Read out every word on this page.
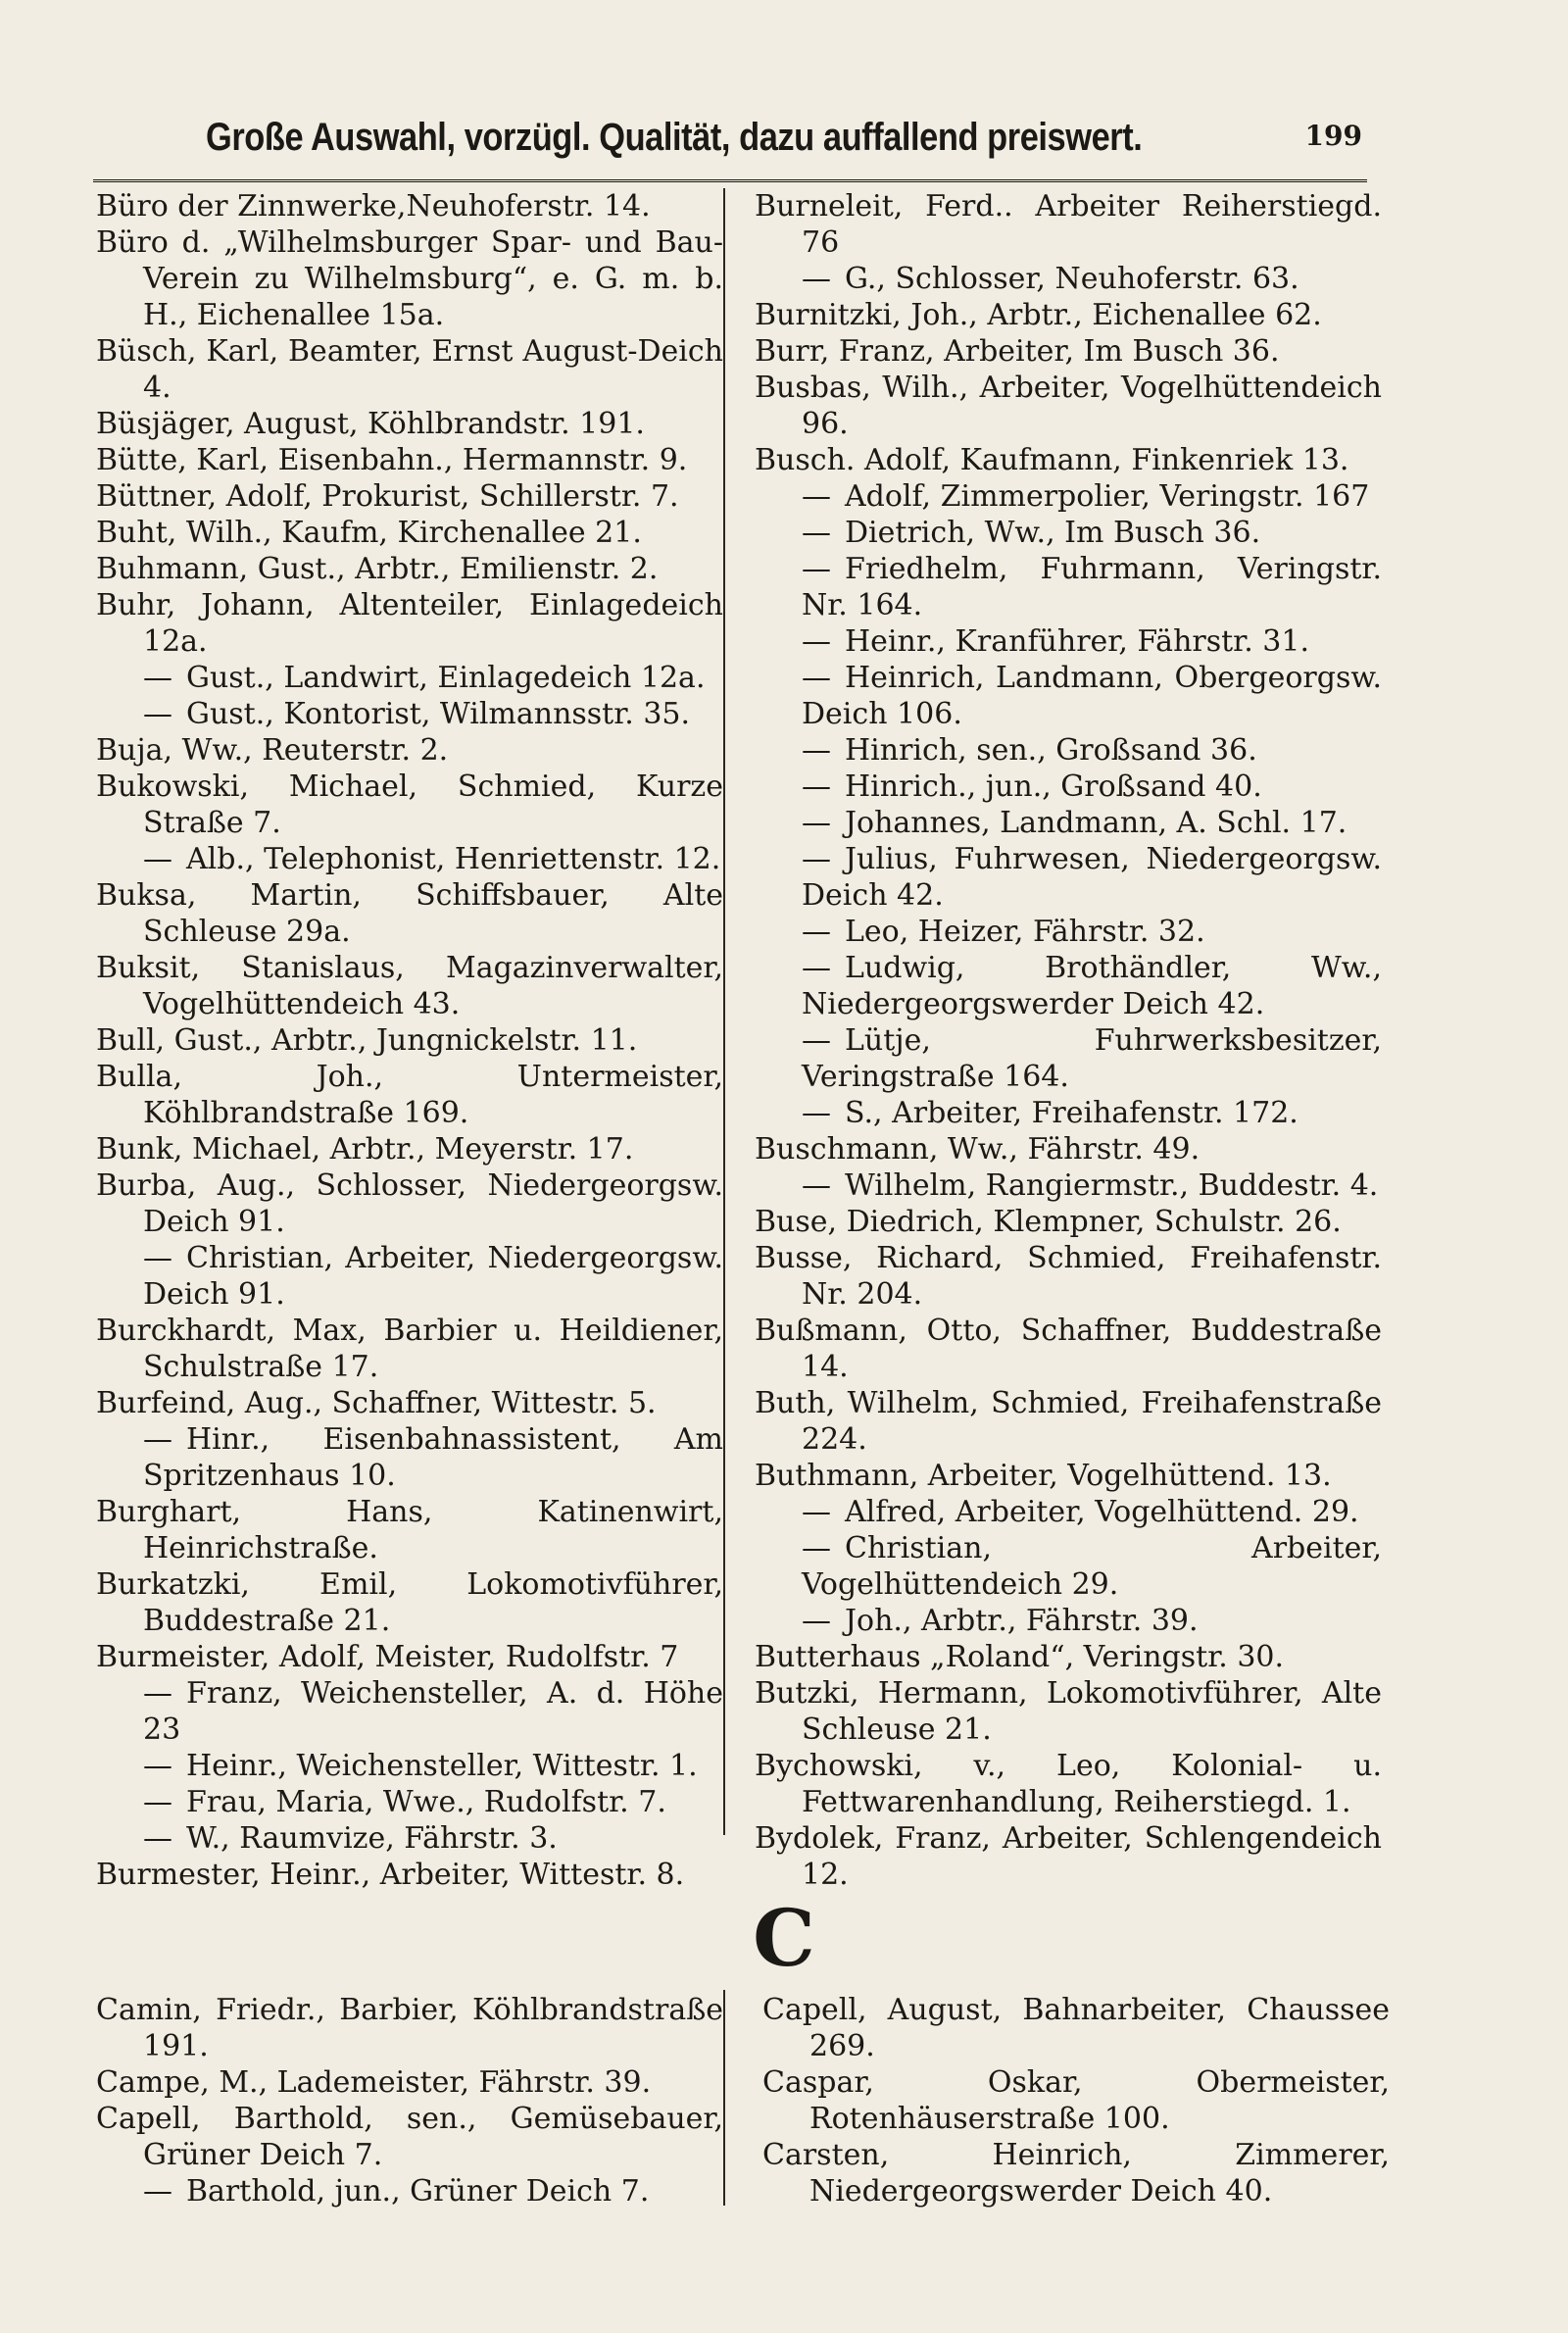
Große Auswahl, vorzügl. Qualität, dazu auffallend preiswert.	199

Büro der Zinnwerke,Neuhoferstr. 14.

Büro d. „Wilhelmsburger Spar- und Bau-Verein zu Wilhelmsburg“, e. G. m. b. H., Eichenallee 15a.

Büsch, Karl, Beamter, Ernst August-Deich 4.

Büsjäger, August, Köhlbrandstr. 191.

Bütte, Karl, Eisenbahn., Hermannstr. 9.

Büttner, Adolf, Prokurist, Schillerstr. 7.

Buht, Wilh., Kaufm, Kirchenallee 21.

Buhmann, Gust., Arbtr., Emilienstr. 2.

Buhr, Johann, Altenteiler, Einlagedeich 12a.

—Gust., Landwirt, Einlagedeich 12a.

—Gust., Kontorist, Wilmannsstr. 35.

Buja, Ww., Reuterstr. 2.

Bukowski, Michael, Schmied, Kurze Straße 7.

—Alb., Telephonist, Henriettenstr. 12.

Buksa, Martin, Schiffsbauer, Alte Schleuse 29a.

Buksit, Stanislaus, Magazinverwalter, Vogelhüttendeich 43.

Bull, Gust., Arbtr., Jungnickelstr. 11.

Bulla, Joh., Untermeister, Köhlbrandstraße 169.

Bunk, Michael, Arbtr., Meyerstr. 17.

Burba, Aug., Schlosser, Niedergeorgsw. Deich 91.

—Christian, Arbeiter, Niedergeorgsw. Deich 91.

Burckhardt, Max, Barbier u. Heildiener, Schulstraße 17.

Burfeind, Aug., Schaffner, Wittestr. 5.

—Hinr., Eisenbahnassistent, Am Spritzenhaus 10.

Burghart, Hans, Katinenwirt, Heinrichstraße.

Burkatzki, Emil, Lokomotivführer, Buddestraße 21.

Burmeister, Adolf, Meister, Rudolfstr. 7

—Franz, Weichensteller, A. d. Höhe 23

—Heinr., Weichensteller, Wittestr. 1.

—Frau, Maria, Wwe., Rudolfstr. 7.

—W., Raumvize, Fährstr. 3.

Burmester, Heinr., Arbeiter, Wittestr. 8.

Burneleit, Ferd.. Arbeiter Reiherstiegd. 76

—G., Schlosser, Neuhoferstr. 63.

Burnitzki, Joh., Arbtr., Eichenallee 62.

Burr, Franz, Arbeiter, Im Busch 36.

Busbas, Wilh., Arbeiter, Vogelhüttendeich 96.

Busch. Adolf, Kaufmann, Finkenriek 13.

—Adolf, Zimmerpolier, Veringstr. 167

—Dietrich, Ww., Im Busch 36.

—Friedhelm, Fuhrmann, Veringstr. Nr. 164.

—Heinr., Kranführer, Fährstr. 31.

—Heinrich, Landmann, Obergeorgsw. Deich 106.

—Hinrich, sen., Großsand 36.

—Hinrich., jun., Großsand 40.

—Johannes, Landmann, A. Schl. 17.

—Julius, Fuhrwesen, Niedergeorgsw. Deich 42.

—Leo, Heizer, Fährstr. 32.

—Ludwig, Brothändler, Ww., Niedergeorgswerder Deich 42.

—Lütje, Fuhrwerksbesitzer, Veringstraße 164.

—S., Arbeiter, Freihafenstr. 172.

Buschmann, Ww., Fährstr. 49.

—Wilhelm, Rangiermstr., Buddestr. 4.

Buse, Diedrich, Klempner, Schulstr. 26.

Busse, Richard, Schmied, Freihafenstr. Nr. 204.

Bußmann, Otto, Schaffner, Buddestraße 14.

Buth, Wilhelm, Schmied, Freihafenstraße 224.

Buthmann, Arbeiter, Vogelhüttend. 13.

—Alfred, Arbeiter, Vogelhüttend. 29.

—Christian, Arbeiter, Vogelhüttendeich 29.

—Joh., Arbtr., Fährstr. 39.

Butterhaus „Roland“, Veringstr. 30.

Butzki, Hermann, Lokomotivführer, Alte Schleuse 21.

Bychowski, v., Leo, Kolonial- u. Fettwarenhandlung, Reiherstiegd. 1.

Bydolek, Franz, Arbeiter, Schlengendeich 12.

C

Camin, Friedr., Barbier, Köhlbrandstraße 191.

Campe, M., Lademeister, Fährstr. 39.

Capell, Barthold, sen., Gemüsebauer, Grüner Deich 7.

—Barthold, jun., Grüner Deich 7.

Capell, August, Bahnarbeiter, Chaussee 269.

Caspar, Oskar, Obermeister, Rotenhäuserstraße 100.

Carsten, Heinrich, Zimmerer, Niedergeorgswerder Deich 40.
